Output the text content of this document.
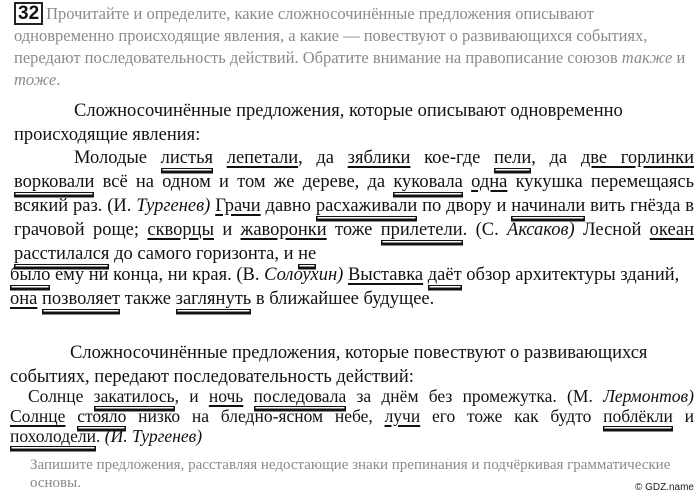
32 Прочитайте и определите, какие сложносочинённые предложения описывают одновременно происходящие явления, а какие — повествуют о развивающихся событиях, передают последовательность действий. Обратите внимание на правописание союзов также и тоже.
Сложносочинённые предложения, которые описывают одновременно происходящие явления:
Молодые листья лепетали, да зяблики кое-где пели, да две горлинки ворковали всё на одном и том же дереве, да куковала одна кукушка перемещаясь всякий раз. (И. Тургенев) Грачи давно расхаживали по двору и начинали вить гнёзда в грачовой роще; скворцы и жаворонки тоже прилетели. (С. Аксаков) Лесной океан расстилался до самого горизонта, и не
было ему ни конца, ни края. (В. Солоухин) Выставка даёт обзор архитектуры зданий, она позволяет также заглянуть в ближайшее будущее.
Сложносочинённые предложения, которые повествуют о развивающихся событиях, передают последовательность действий:
Солнце закатилось, и ночь последовала за днём без промежутка. (М. Лермонтов) Солнце стояло низко на бледно-ясном небе, лучи его тоже как будто поблёкли и похолодели. (И. Тургенев)
Запишите предложения, расставляя недостающие знаки препинания и подчёркивая грамматические основы.	© GDZ.name
